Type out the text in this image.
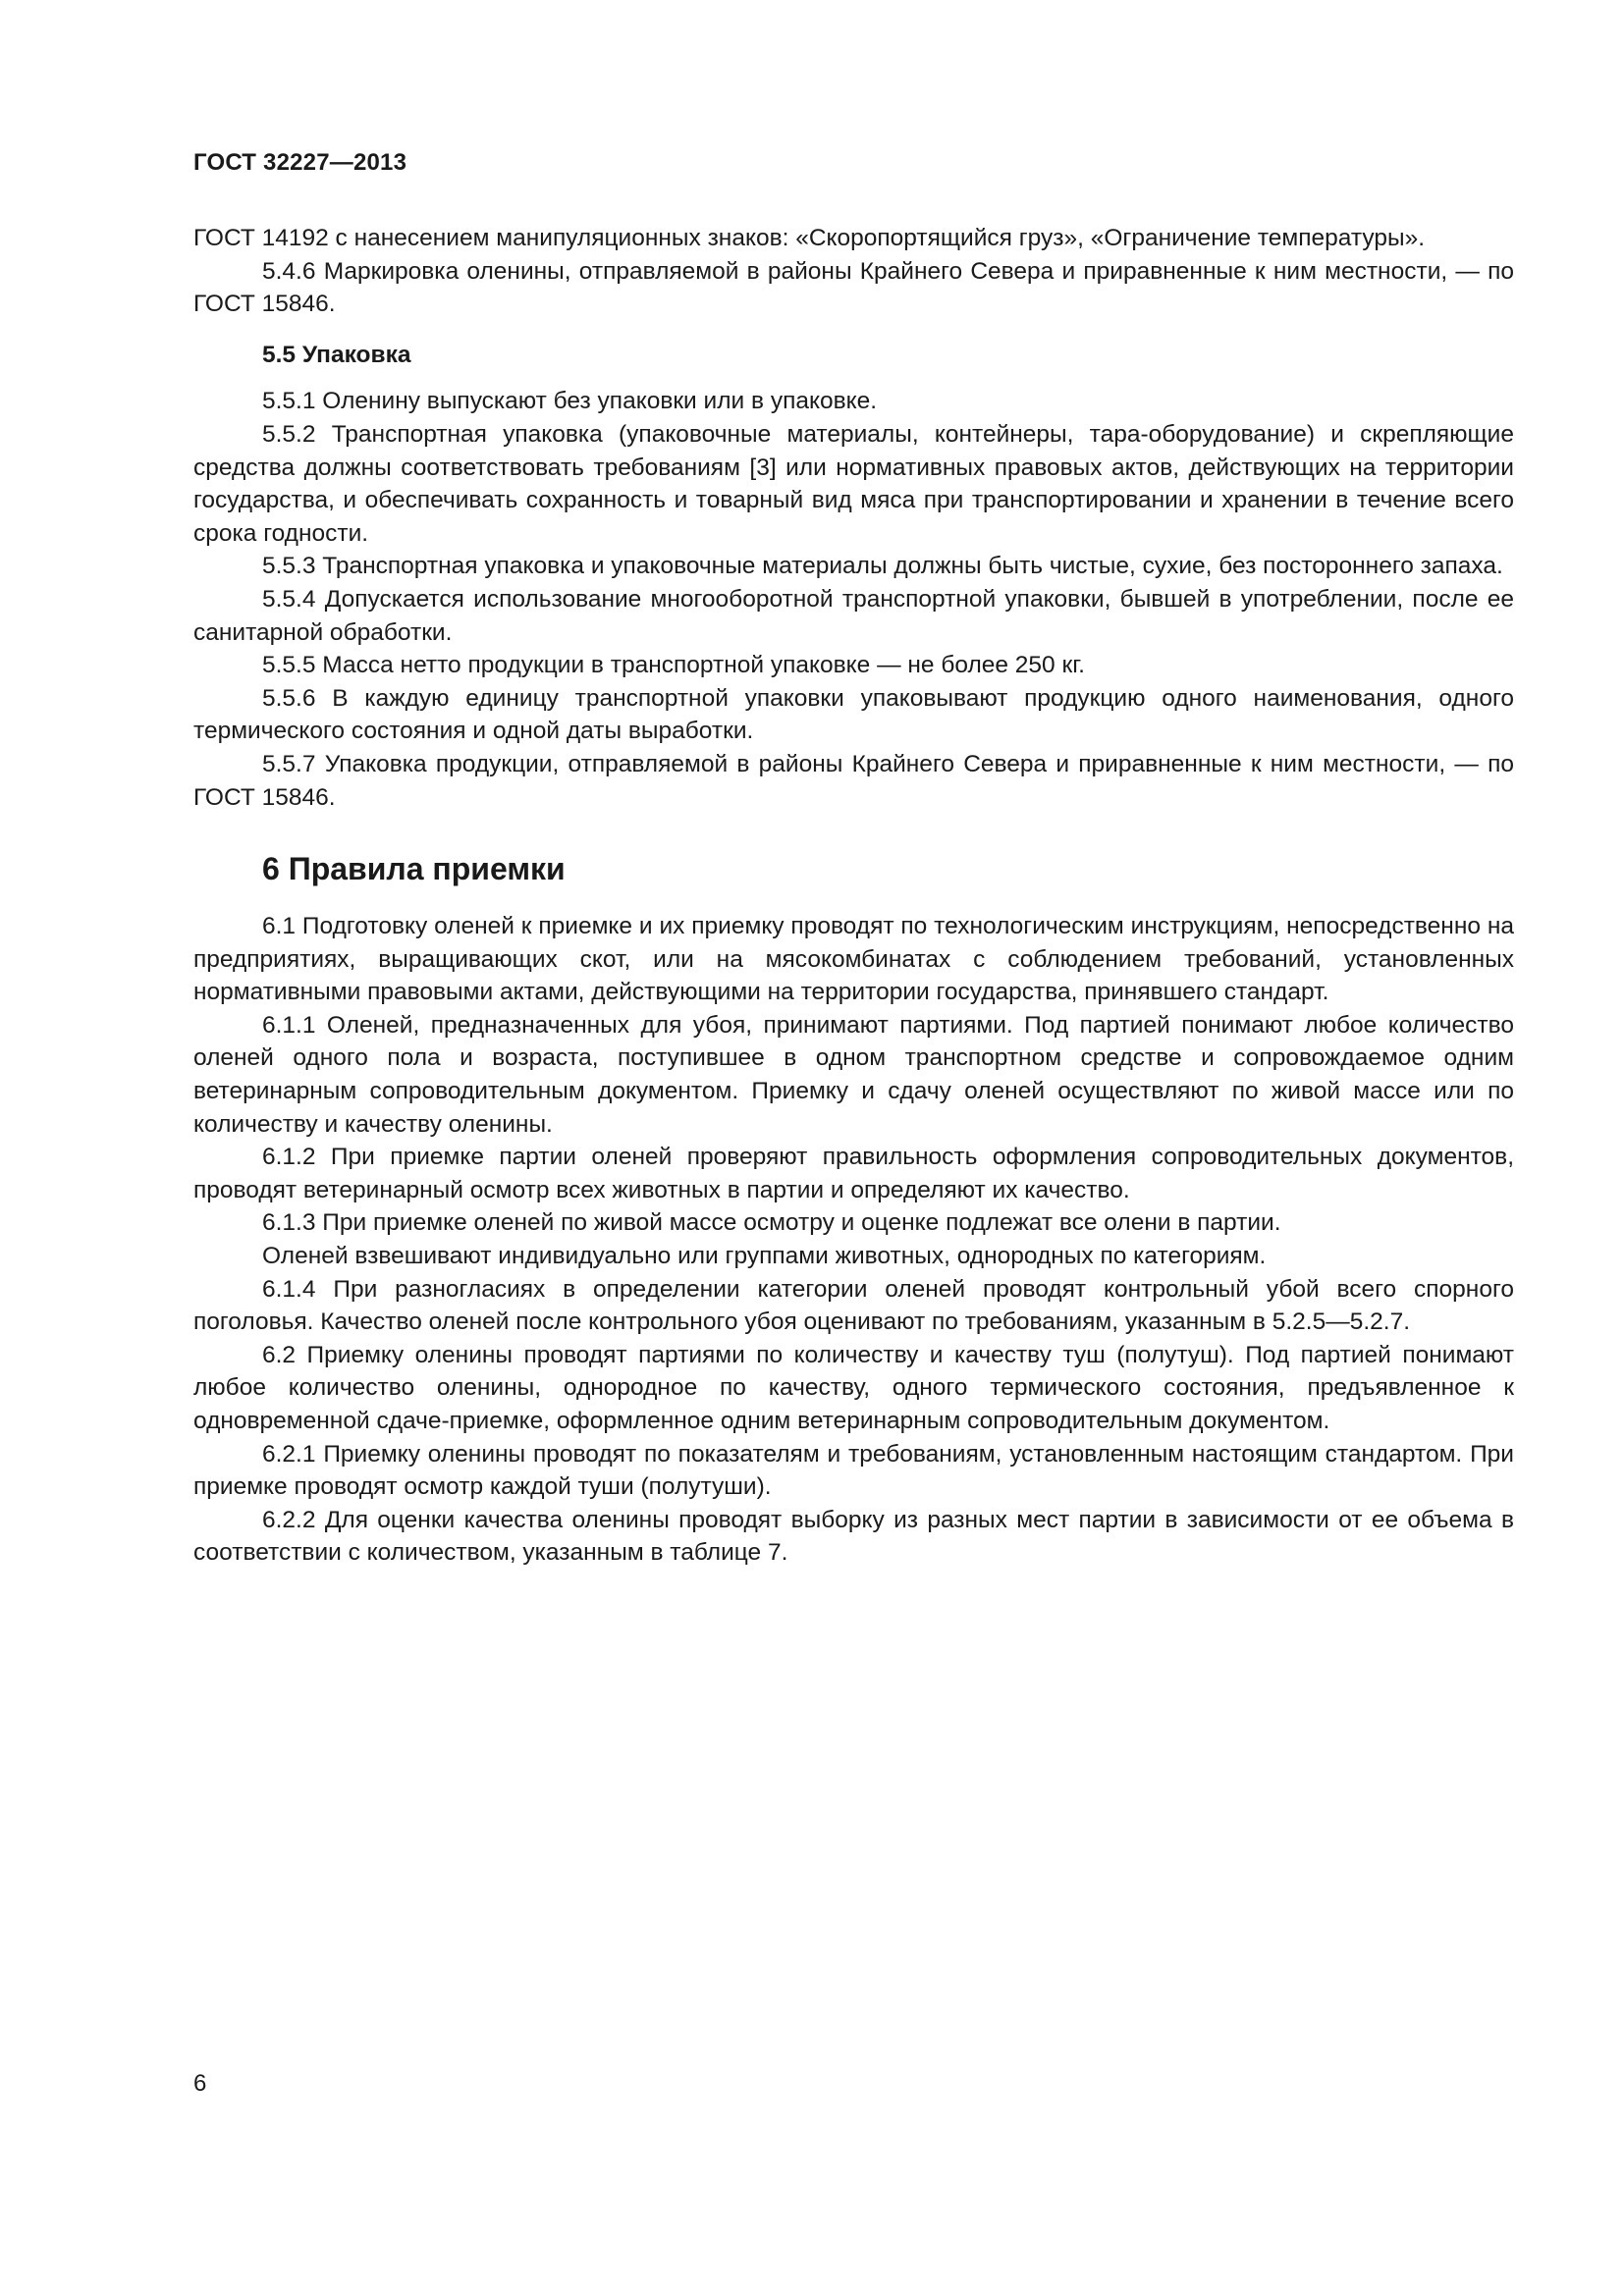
ГОСТ 32227—2013

ГОСТ 14192 с нанесением манипуляционных знаков: «Скоропортящийся груз», «Ограничение температуры».

5.4.6 Маркировка оленины, отправляемой в районы Крайнего Севера и приравненные к ним местности, — по ГОСТ 15846.

5.5 Упаковка

5.5.1 Оленину выпускают без упаковки или в упаковке.

5.5.2 Транспортная упаковка (упаковочные материалы, контейнеры, тара-оборудование) и скрепляющие средства должны соответствовать требованиям [3] или нормативных правовых актов, действующих на территории государства, и обеспечивать сохранность и товарный вид мяса при транспортировании и хранении в течение всего срока годности.

5.5.3 Транспортная упаковка и упаковочные материалы должны быть чистые, сухие, без постороннего запаха.

5.5.4 Допускается использование многооборотной транспортной упаковки, бывшей в употреблении, после ее санитарной обработки.

5.5.5 Масса нетто продукции в транспортной упаковке — не более 250 кг.

5.5.6 В каждую единицу транспортной упаковки упаковывают продукцию одного наименования, одного термического состояния и одной даты выработки.

5.5.7 Упаковка продукции, отправляемой в районы Крайнего Севера и приравненные к ним местности, — по ГОСТ 15846.

6 Правила приемки

6.1 Подготовку оленей к приемке и их приемку проводят по технологическим инструкциям, непосредственно на предприятиях, выращивающих скот, или на мясокомбинатах с соблюдением требований, установленных нормативными правовыми актами, действующими на территории государства, принявшего стандарт.

6.1.1 Оленей, предназначенных для убоя, принимают партиями. Под партией понимают любое количество оленей одного пола и возраста, поступившее в одном транспортном средстве и сопровождаемое одним ветеринарным сопроводительным документом. Приемку и сдачу оленей осуществляют по живой массе или по количеству и качеству оленины.

6.1.2 При приемке партии оленей проверяют правильность оформления сопроводительных документов, проводят ветеринарный осмотр всех животных в партии и определяют их качество.

6.1.3 При приемке оленей по живой массе осмотру и оценке подлежат все олени в партии.

Оленей взвешивают индивидуально или группами животных, однородных по категориям.

6.1.4 При разногласиях в определении категории оленей проводят контрольный убой всего спорного поголовья. Качество оленей после контрольного убоя оценивают по требованиям, указанным в 5.2.5—5.2.7.

6.2 Приемку оленины проводят партиями по количеству и качеству туш (полутуш). Под партией понимают любое количество оленины, однородное по качеству, одного термического состояния, предъявленное к одновременной сдаче-приемке, оформленное одним ветеринарным сопроводительным документом.

6.2.1 Приемку оленины проводят по показателям и требованиям, установленным настоящим стандартом. При приемке проводят осмотр каждой туши (полутуши).

6.2.2 Для оценки качества оленины проводят выборку из разных мест партии в зависимости от ее объема в соответствии с количеством, указанным в таблице 7.

6
